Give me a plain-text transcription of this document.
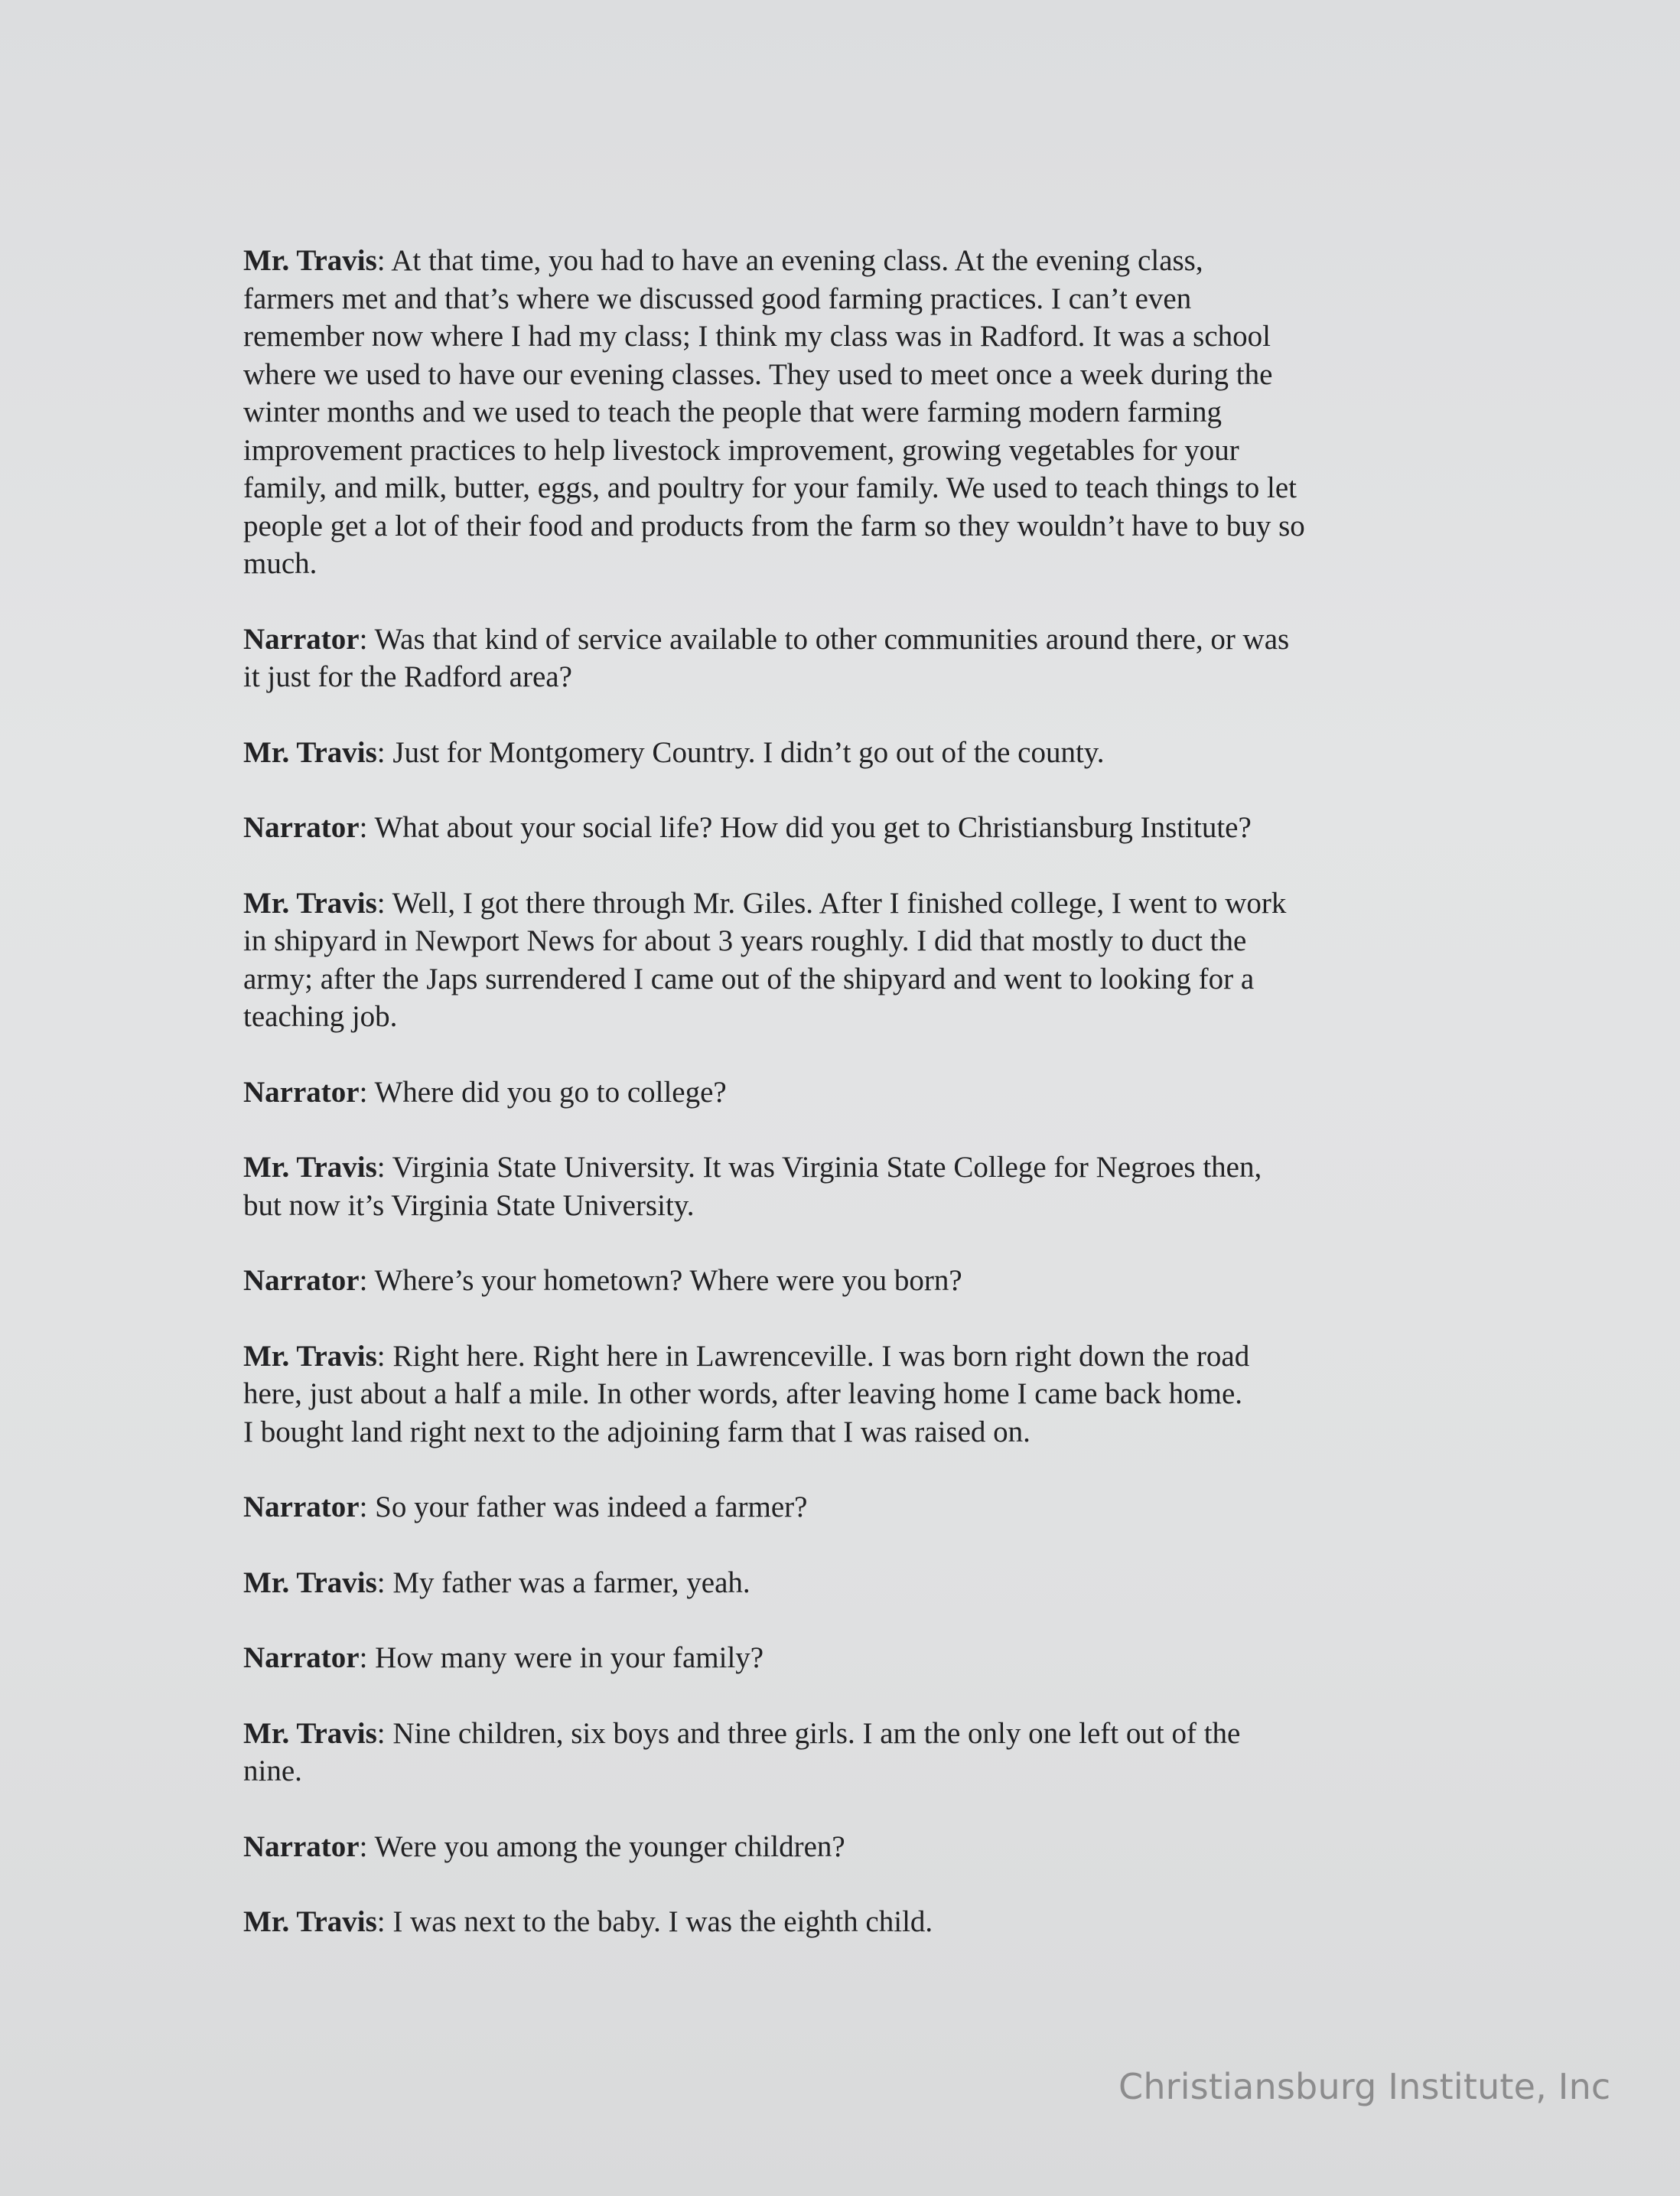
Mr. Travis: At that time, you had to have an evening class. At the evening class,
farmers met and that’s where we discussed good farming practices. I can’t even
remember now where I had my class; I think my class was in Radford. It was a school
where we used to have our evening classes. They used to meet once a week during the
winter months and we used to teach the people that were farming modern farming
improvement practices to help livestock improvement, growing vegetables for your
family, and milk, butter, eggs, and poultry for your family. We used to teach things to let
people get a lot of their food and products from the farm so they wouldn’t have to buy so
much.

Narrator: Was that kind of service available to other communities around there, or was
it just for the Radford area?

Mr. Travis: Just for Montgomery Country. I didn’t go out of the county.

Narrator: What about your social life? How did you get to Christiansburg Institute?

Mr. Travis: Well, I got there through Mr. Giles. After I finished college, I went to work
in shipyard in Newport News for about 3 years roughly. I did that mostly to duct the
army; after the Japs surrendered I came out of the shipyard and went to looking for a
teaching job.

Narrator: Where did you go to college?

Mr. Travis: Virginia State University. It was Virginia State College for Negroes then,
but now it’s Virginia State University.

Narrator: Where’s your hometown? Where were you born?

Mr. Travis: Right here. Right here in Lawrenceville. I was born right down the road
here, just about a half a mile. In other words, after leaving home I came back home.
I bought land right next to the adjoining farm that I was raised on.

Narrator: So your father was indeed a farmer?

Mr. Travis: My father was a farmer, yeah.

Narrator: How many were in your family?

Mr. Travis: Nine children, six boys and three girls. I am the only one left out of the
nine.

Narrator: Were you among the younger children?

Mr. Travis: I was next to the baby. I was the eighth child.

Christiansburg Institute, Inc
